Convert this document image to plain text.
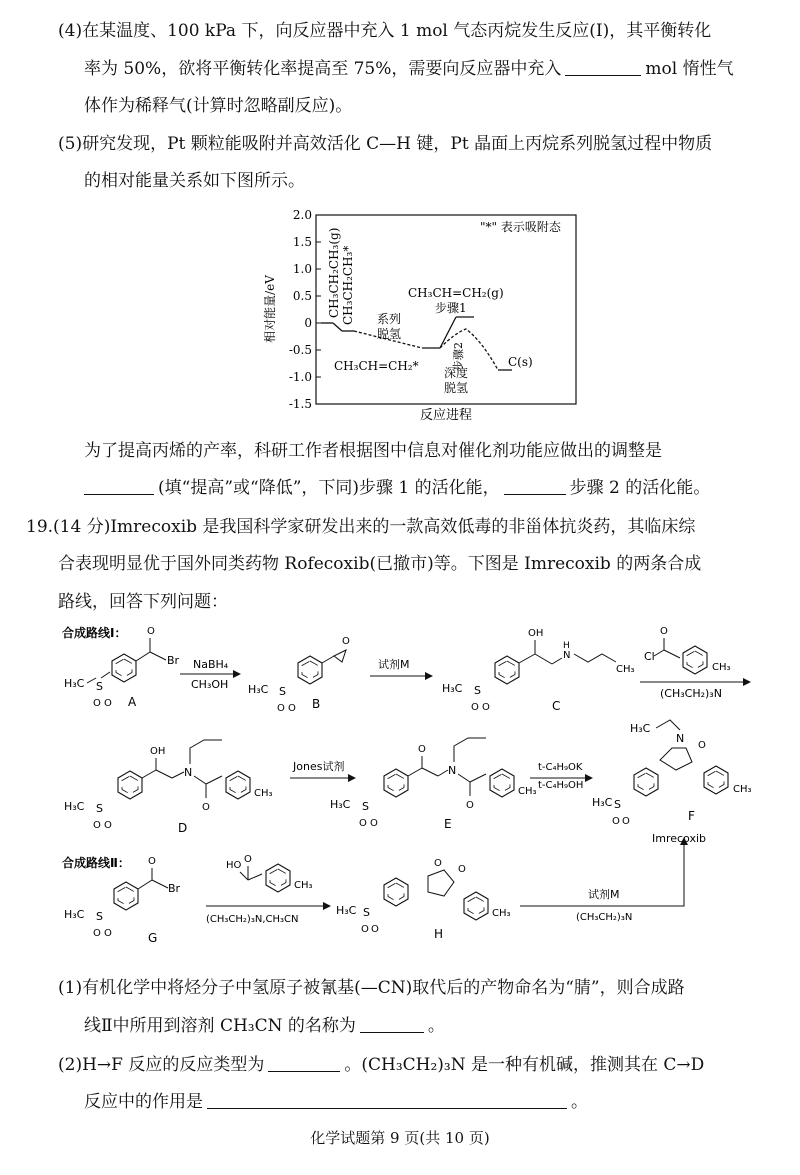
(4)在某温度、100 kPa 下，向反应器中充入 1 mol 气态丙烷发生反应(Ⅰ)，其平衡转化
率为 50%，欲将平衡转化率提高至 75%，需要向反应器中充入	mol 惰性气
体作为稀释气(计算时忽略副反应)。
(5)研究发现，Pt 颗粒能吸附并高效活化 C—H 键，Pt 晶面上丙烷系列脱氢过程中物质
的相对能量关系如下图所示。
2.0
1.5
1.0
0.5
0
-0.5
-1.0
-1.5
相对能量/eV
反应进程
"*" 表示吸附态
CH₃CH₂CH₃(g) CH₃CH₂CH₃* 系列
脱氢
CH₃CH=CH₂*
CH₃CH=CH₂(g)
步骤1
步骤2
深度
脱氢
C(s)
为了提高丙烯的产率，科研工作者根据图中信息对催化剂功能应做出的调整是
(填“提高”或“降低”，下同)步骤 1 的活化能，	步骤 2 的活化能。
19.(14 分)Imrecoxib 是我国科学家研发出来的一款高效低毒的非甾体抗炎药，其临床综
合表现明显优于国外同类药物 Rofecoxib(已撤市)等。下图是 Imrecoxib 的两条合成
路线，回答下列问题：
合成路线Ⅰ：
合成路线Ⅱ：
H₃C S
O O
O
Br
A
NaBH₄
CH₃OH H₃C S
O O
O
B
试剂M
H₃C S
O O
OH
N
H
CH₃
C
Cl
O
CH₃
(CH₃CH₂)₃N
H₃C S
O O
OH
N
O
CH₃
D
Jones试剂
H₃C S
O O
O
N
O
CH₃
E
t-C₄H₉OK
t-C₄H₉OH
H₃C
N
O
CH₃
H₃C S
O O	F
Imrecoxib
H₃C S
O O
O
Br
G
HO
O
CH₃
(CH₃CH₂)₃N,CH₃CN
H₃C S
O O
O
O
CH₃
H
试剂M
(CH₃CH₂)₃N
(1)有机化学中将烃分子中氢原子被氰基(—CN)取代后的产物命名为“腈”，则合成路
线Ⅱ中所用到溶剂 CH₃CN 的名称为	。
(2)H→F 反应的反应类型为	。(CH₃CH₂)₃N 是一种有机碱，推测其在 C→D
反应中的作用是	。
化学试题第 9 页(共 10 页)
